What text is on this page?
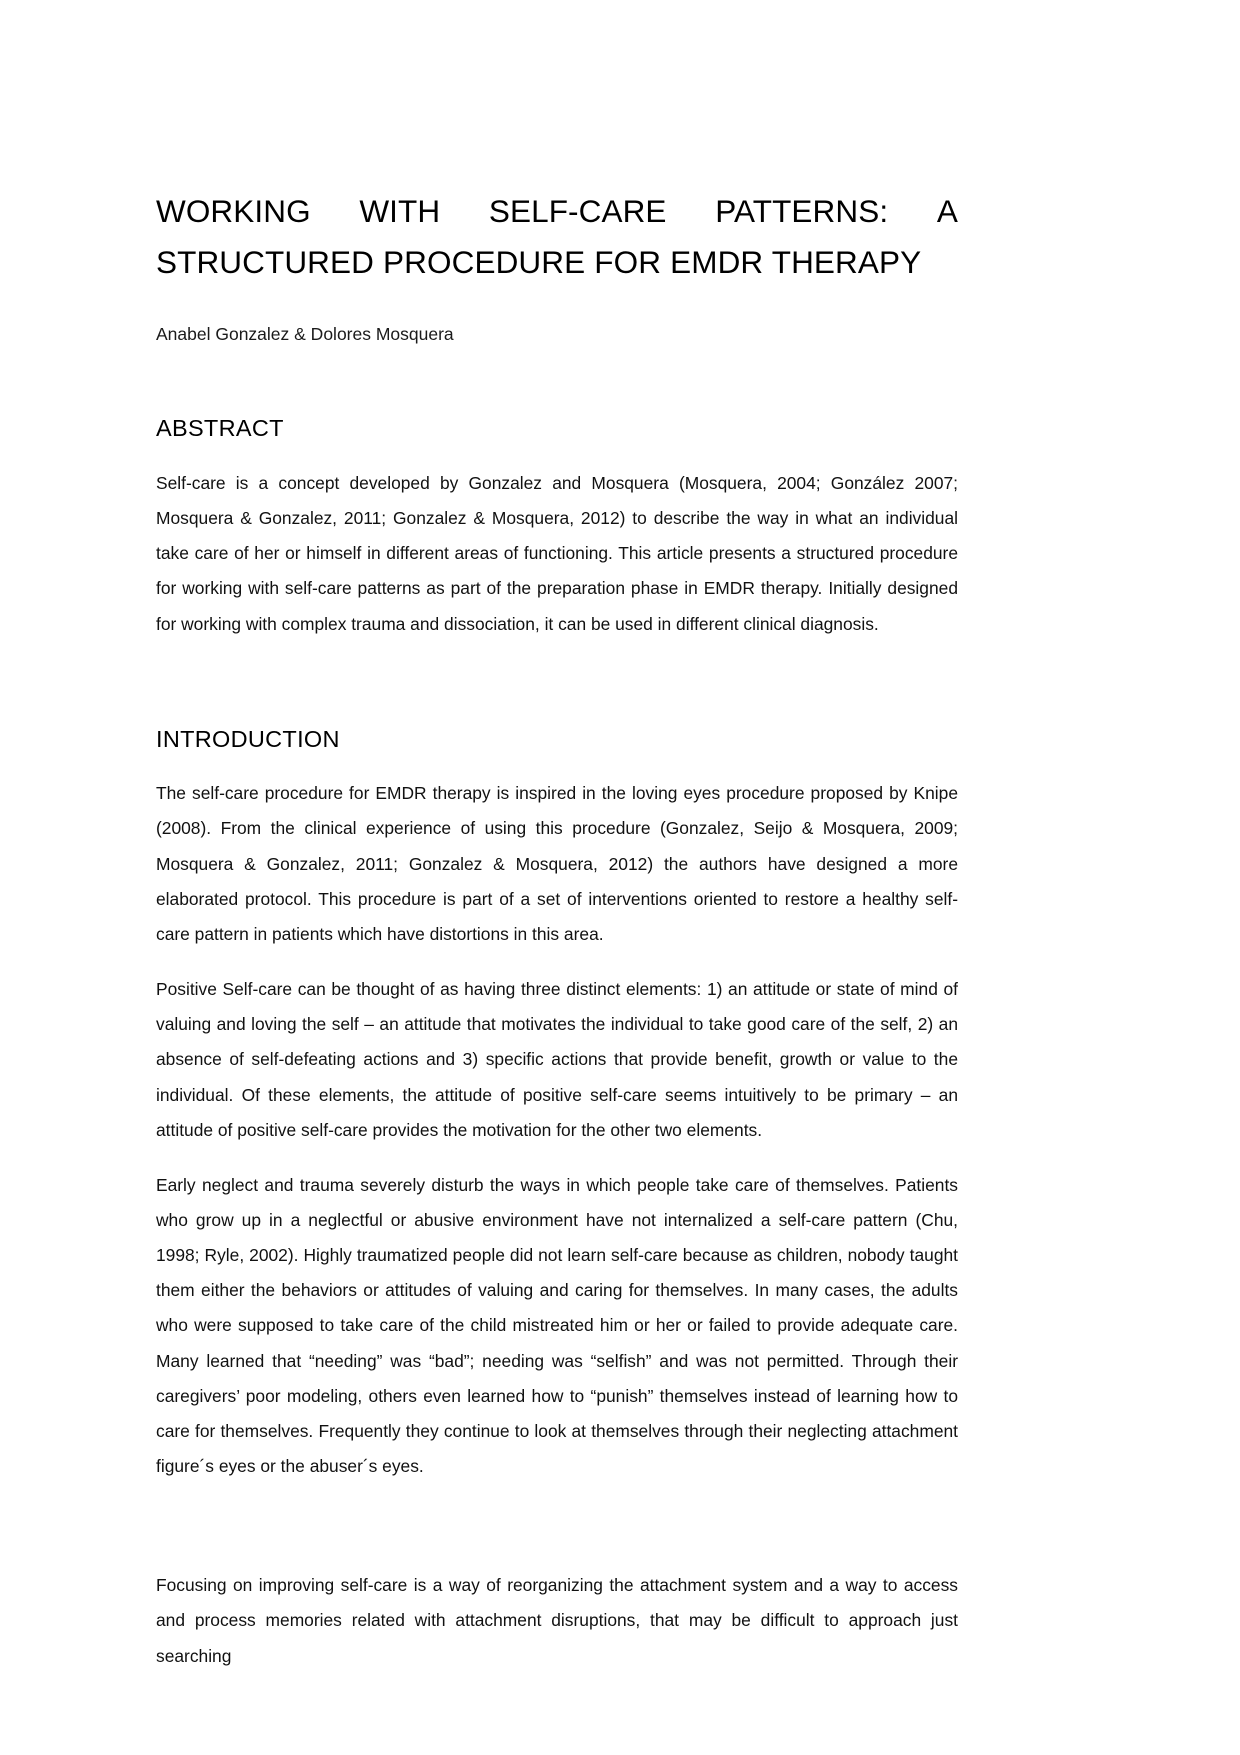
WORKING WITH SELF-CARE PATTERNS: A
STRUCTURED PROCEDURE FOR EMDR THERAPY

Anabel Gonzalez & Dolores Mosquera

ABSTRACT

Self-care is a concept developed by Gonzalez and Mosquera (Mosquera, 2004; González 2007; Mosquera & Gonzalez, 2011; Gonzalez & Mosquera, 2012) to describe the way in what an individual take care of her or himself in different areas of functioning. This article presents a structured procedure for working with self-care patterns as part of the preparation phase in EMDR therapy. Initially designed for working with complex trauma and dissociation, it can be used in different clinical diagnosis.

INTRODUCTION

The self-care procedure for EMDR therapy is inspired in the loving eyes procedure proposed by Knipe (2008). From the clinical experience of using this procedure (Gonzalez, Seijo & Mosquera, 2009; Mosquera & Gonzalez, 2011; Gonzalez & Mosquera, 2012) the authors have designed a more elaborated protocol. This procedure is part of a set of interventions oriented to restore a healthy self-care pattern in patients which have distortions in this area.

Positive Self-care can be thought of as having three distinct elements: 1) an attitude or state of mind of valuing and loving the self – an attitude that motivates the individual to take good care of the self, 2) an absence of self-defeating actions and 3) specific actions that provide benefit, growth or value to the individual. Of these elements, the attitude of positive self-care seems intuitively to be primary – an attitude of positive self-care provides the motivation for the other two elements.

Early neglect and trauma severely disturb the ways in which people take care of themselves. Patients who grow up in a neglectful or abusive environment have not internalized a self-care pattern (Chu, 1998; Ryle, 2002). Highly traumatized people did not learn self-care because as children, nobody taught them either the behaviors or attitudes of valuing and caring for themselves. In many cases, the adults who were supposed to take care of the child mistreated him or her or failed to provide adequate care. Many learned that “needing” was “bad”; needing was “selfish” and was not permitted. Through their caregivers’ poor modeling, others even learned how to “punish” themselves instead of learning how to care for themselves. Frequently they continue to look at themselves through their neglecting attachment figure´s eyes or the abuser´s eyes.

Focusing on improving self-care is a way of reorganizing the attachment system and a way to access and process memories related with attachment disruptions, that may be difficult to approach just searching
